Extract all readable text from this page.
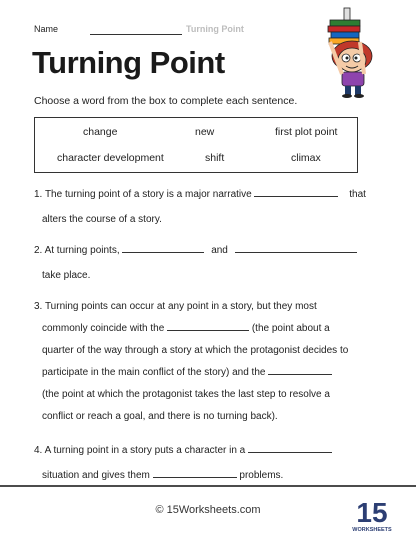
Name	Turning Point
Turning Point
Choose a word from the box to complete each sentence.
change	new	first plot point
character development	shift	climax
1. The turning point of a story is a major narrative	that
alters the course of a story.
2. At turning points,	and
take place.
3. Turning points can occur at any point in a story, but they most
commonly coincide with the	(the point about a
quarter of the way through a story at which the protagonist decides to
participate in the main conflict of the story) and the
(the point at which the protagonist takes the last step to resolve a
conflict or reach a goal, and there is no turning back).
4. A turning point in a story puts a character in a
situation and gives them	problems.
© 15Worksheets.com	15
WORKSHEETS
